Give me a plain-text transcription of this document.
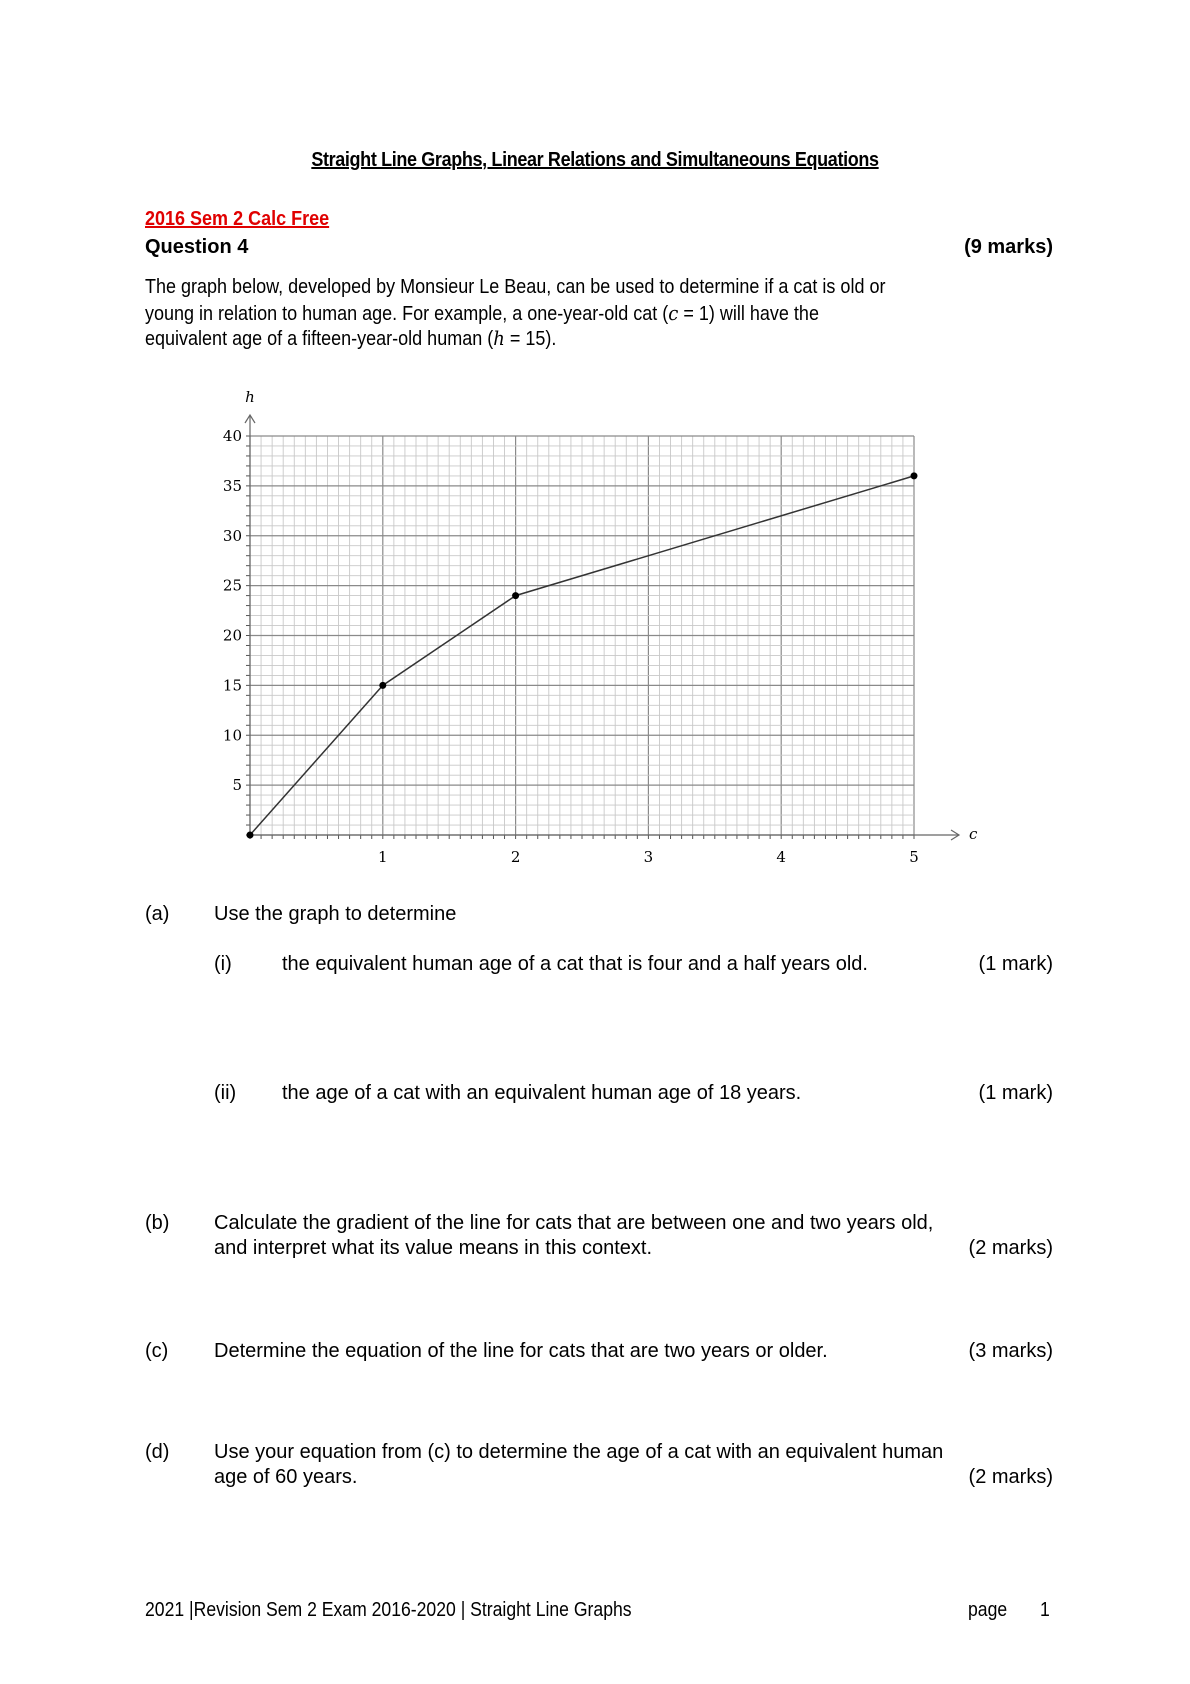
Straight Line Graphs, Linear Relations and Simultaneouns Equations
2016 Sem 2 Calc Free
Question 4	(9 marks)
The graph below, developed by Monsieur Le Beau, can be used to determine if a cat is old or
young in relation to human age. For example, a one-year-old cat (c = 1) will have the
equivalent age of a fifteen-year-old human (h = 15).
1	2	3	4	5
5
10
15
20
25
30
35
40
h
c
(a) Use the graph to determine
(i)	the equivalent human age of a cat that is four and a half years old.	(1 mark)
(ii) the age of a cat with an equivalent human age of 18 years.	(1 mark)
(b) Calculate the gradient of the line for cats that are between one and two years old,
and interpret what its value means in this context.	(2 marks)
(c) Determine the equation of the line for cats that are two years or older.	(3 marks)
(d) Use your equation from (c) to determine the age of a cat with an equivalent human
age of 60 years.	(2 marks)
2021 |Revision Sem 2 Exam 2016-2020 | Straight Line Graphs	page 1
